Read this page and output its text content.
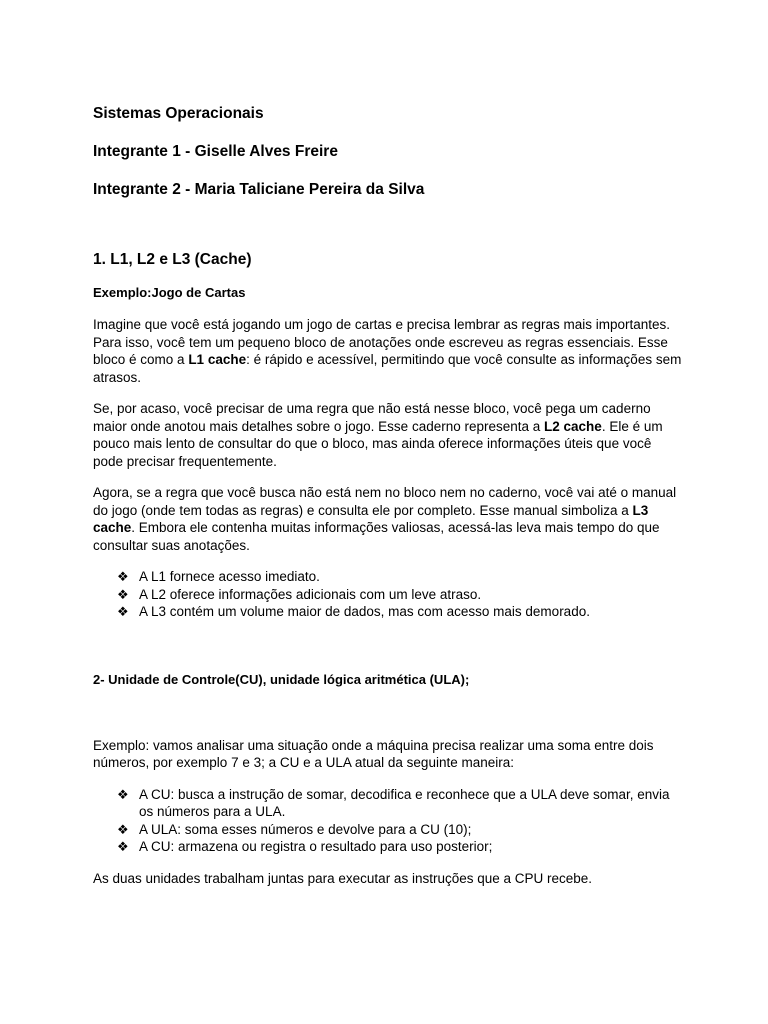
Sistemas Operacionais
Integrante 1 - Giselle Alves Freire
Integrante 2 - Maria Taliciane Pereira da Silva
1. L1, L2 e L3 (Cache)
Exemplo:Jogo de Cartas

Imagine que você está jogando um jogo de cartas e precisa lembrar as regras mais importantes. Para isso, você tem um pequeno bloco de anotações onde escreveu as regras essenciais. Esse bloco é como a L1 cache: é rápido e acessível, permitindo que você consulte as informações sem atrasos.

Se, por acaso, você precisar de uma regra que não está nesse bloco, você pega um caderno maior onde anotou mais detalhes sobre o jogo. Esse caderno representa a L2 cache. Ele é um pouco mais lento de consultar do que o bloco, mas ainda oferece informações úteis que você pode precisar frequentemente.

Agora, se a regra que você busca não está nem no bloco nem no caderno, você vai até o manual do jogo (onde tem todas as regras) e consulta ele por completo. Esse manual simboliza a L3 cache. Embora ele contenha muitas informações valiosas, acessá-las leva mais tempo do que consultar suas anotações.

❖ A L1 fornece acesso imediato.
❖ A L2 oferece informações adicionais com um leve atraso.
❖ A L3 contém um volume maior de dados, mas com acesso mais demorado.
2- Unidade de Controle(CU), unidade lógica aritmética (ULA);

Exemplo: vamos analisar uma situação onde a máquina precisa realizar uma soma entre dois números, por exemplo 7 e 3; a CU e a ULA atual da seguinte maneira:

❖ A CU: busca a instrução de somar, decodifica e reconhece que a ULA deve somar, envia os números para a ULA.
❖ A ULA: soma esses números e devolve para a CU (10);
❖ A CU: armazena ou registra o resultado para uso posterior;

As duas unidades trabalham juntas para executar as instruções que a CPU recebe.
